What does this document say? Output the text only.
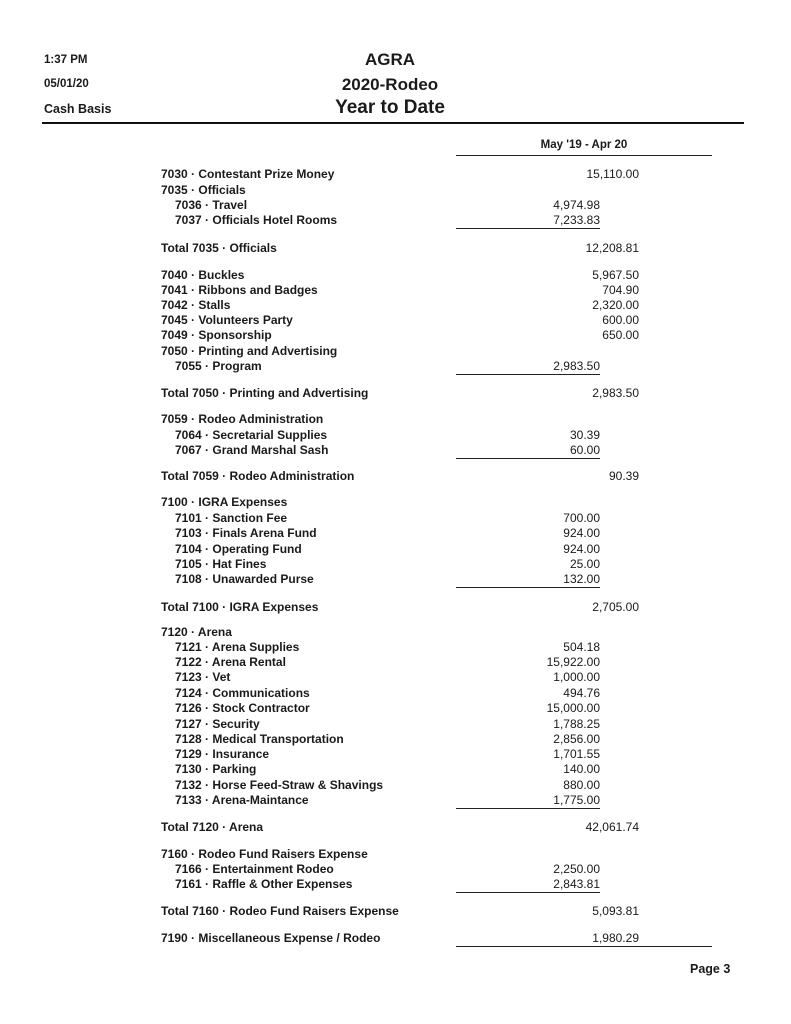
1:37 PM
05/01/20
Cash Basis
AGRA
2020-Rodeo
Year to Date
May '19 - Apr 20
7030 · Contestant Prize Money	15,110.00
7035 · Officials
7036 · Travel	4,974.98
7037 · Officials Hotel Rooms	7,233.83
Total 7035 · Officials	12,208.81
7040 · Buckles	5,967.50
7041 · Ribbons and Badges	704.90
7042 · Stalls	2,320.00
7045 · Volunteers Party	600.00
7049 · Sponsorship	650.00
7050 · Printing and Advertising
7055 · Program	2,983.50
Total 7050 · Printing and Advertising	2,983.50
7059 · Rodeo Administration
7064 · Secretarial Supplies	30.39
7067 · Grand Marshal Sash	60.00
Total 7059 · Rodeo Administration	90.39
7100 · IGRA Expenses
7101 · Sanction Fee	700.00
7103 · Finals Arena Fund	924.00
7104 · Operating Fund	924.00
7105 · Hat Fines	25.00
7108 · Unawarded Purse	132.00
Total 7100 · IGRA Expenses	2,705.00
7120 · Arena
7121 · Arena Supplies	504.18
7122 · Arena Rental	15,922.00
7123 · Vet	1,000.00
7124 · Communications	494.76
7126 · Stock Contractor	15,000.00
7127 · Security	1,788.25
7128 · Medical Transportation	2,856.00
7129 · Insurance	1,701.55
7130 · Parking	140.00
7132 · Horse Feed-Straw & Shavings	880.00
7133 · Arena-Maintance	1,775.00
Total 7120 · Arena	42,061.74
7160 · Rodeo Fund Raisers Expense
7166 · Entertainment Rodeo	2,250.00
7161 · Raffle & Other Expenses	2,843.81
Total 7160 · Rodeo Fund Raisers Expense	5,093.81
7190 · Miscellaneous Expense / Rodeo	1,980.29
Page 3
